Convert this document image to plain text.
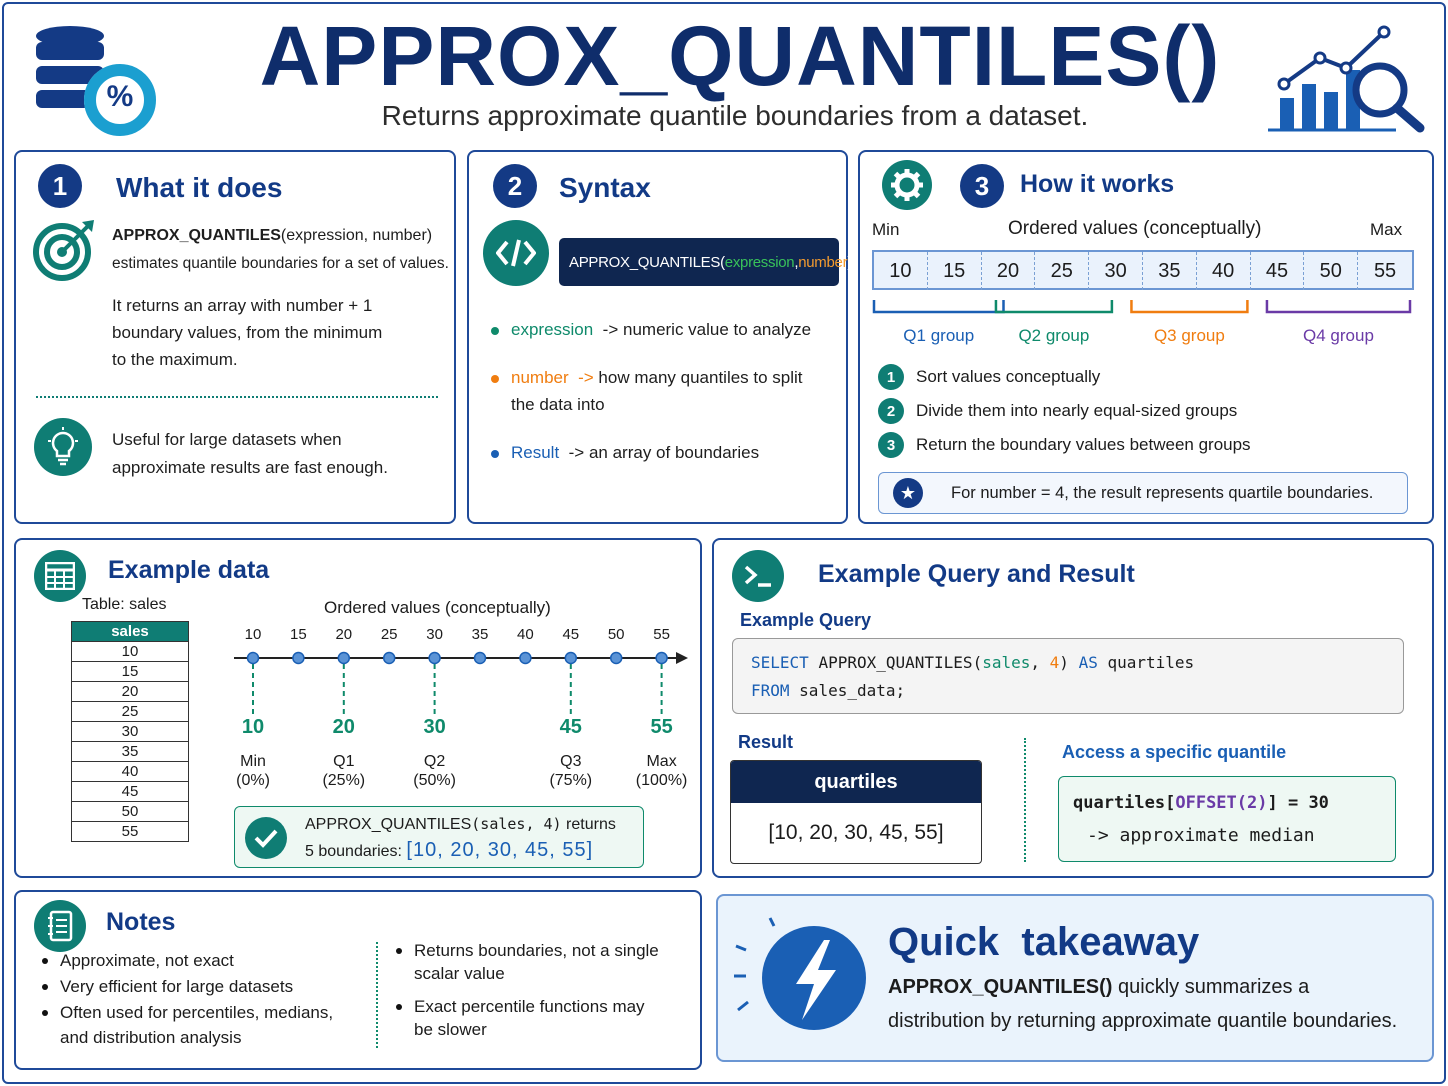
% APPROX_QUANTILES()
Returns approximate quantile boundaries from a dataset.
1	What it does
APPROX_QUANTILES(expression, number)
estimates quantile boundaries for a set of values.
It returns an array with number + 1
boundary values, from the minimum
to the maximum.
Useful for large datasets when
approximate results are fast enough.
2	Syntax
APPROX_QUANTILES( expression , number )
expression -> numeric value to analyze
number -> how many quantiles to split
the data into
Result -> an array of boundaries
3	How it works
Min	Ordered values (conceptually)	Max
10	15	20	25	30	35	40	45	50	55
Q1 group	Q2 group	Q3 group	Q4 group
1	Sort values conceptually
2	Divide them into nearly equal-sized groups
3	Return the boundary values between groups
★	For number = 4, the result represents quartile boundaries.
Example data
Table: sales
sales
10
15
20
25
30
35
40
45
50
55
Ordered values (conceptually)
10	15	20	25	30	35	40	45	50	55
10
Min
(0%)
20
Q1
(25%)
30
Q2
(50%)
45
Q3
(75%)
55
Max
(100%)
APPROX_QUANTILES(sales, 4) returns
5 boundaries: [10, 20, 30, 45, 55]
Example Query and Result
Example Query
SELECT APPROX_QUANTILES(sales, 4) AS quartiles
FROM sales_data;
Result
quartiles
[10, 20, 30, 45, 55]
Access a specific quantile
quartiles[OFFSET(2)] = 30
-> approximate median
Notes
Approximate, not exact
Very efficient for large datasets
Often used for percentiles, medians,
and distribution analysis
Returns boundaries, not a single
scalar value
Exact percentile functions may
be slower
Quick  takeaway
APPROX_QUANTILES() quickly summarizes a
distribution by returning approximate quantile boundaries.
